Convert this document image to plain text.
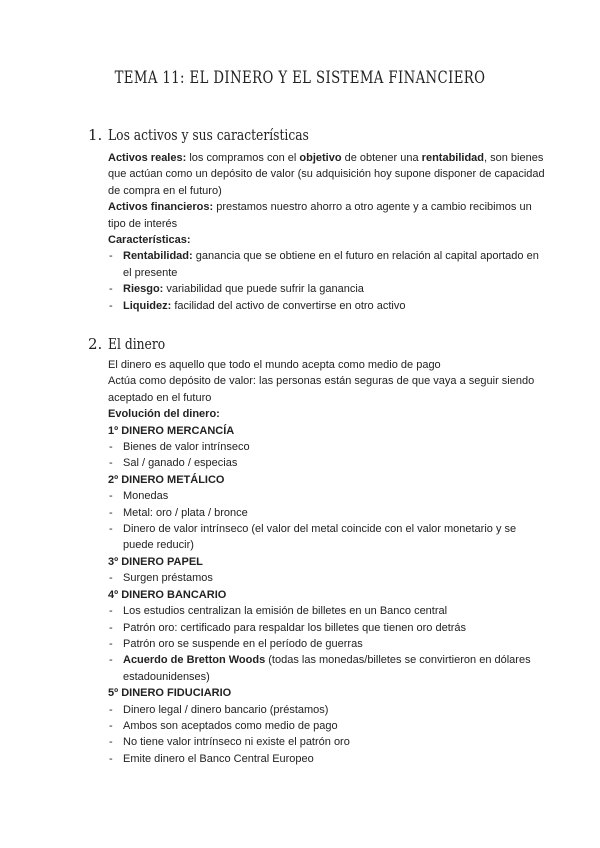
TEMA 11: EL DINERO Y EL SISTEMA FINANCIERO
1. Los activos y sus características

Activos reales: los compramos con el objetivo de obtener una rentabilidad, son bienes que actúan como un depósito de valor (su adquisición hoy supone disponer de capacidad de compra en el futuro)

Activos financieros: prestamos nuestro ahorro a otro agente y a cambio recibimos un tipo de interés

Características:

- Rentabilidad: ganancia que se obtiene en el futuro en relación al capital aportado en el presente
- Riesgo: variabilidad que puede sufrir la ganancia
- Liquidez: facilidad del activo de convertirse en otro activo
2. El dinero

El dinero es aquello que todo el mundo acepta como medio de pago

Actúa como depósito de valor: las personas están seguras de que vaya a seguir siendo aceptado en el futuro

Evolución del dinero:

1º DINERO MERCANCÍA

- Bienes de valor intrínseco
- Sal / ganado / especias

2º DINERO METÁLICO

- Monedas
- Metal: oro / plata / bronce
- Dinero de valor intrínseco (el valor del metal coincide con el valor monetario y se puede reducir)

3º DINERO PAPEL

- Surgen préstamos

4º DINERO BANCARIO

- Los estudios centralizan la emisión de billetes en un Banco central
- Patrón oro: certificado para respaldar los billetes que tienen oro detrás
- Patrón oro se suspende en el período de guerras
- Acuerdo de Bretton Woods (todas las monedas/billetes se convirtieron en dólares estadounidenses)

5º DINERO FIDUCIARIO

- Dinero legal / dinero bancario (préstamos)
- Ambos son aceptados como medio de pago
- No tiene valor intrínseco ni existe el patrón oro
- Emite dinero el Banco Central Europeo
